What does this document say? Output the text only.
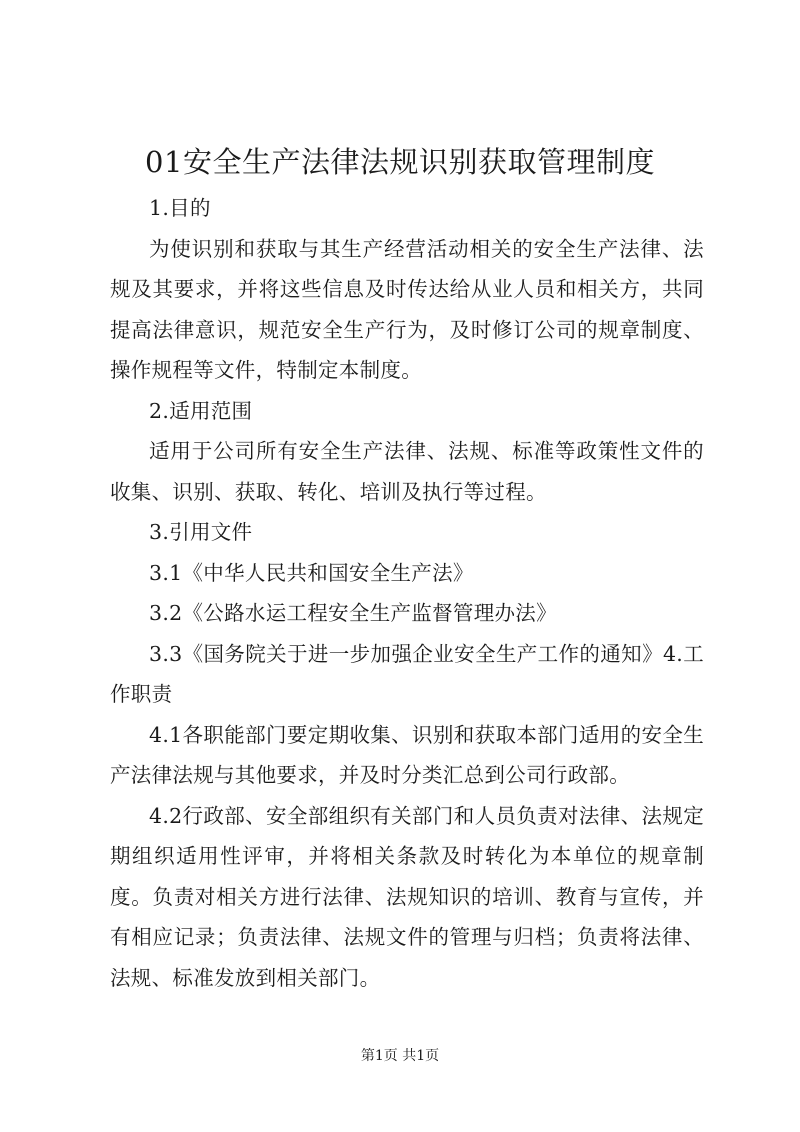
01安全生产法律法规识别获取管理制度

1.目的

为使识别和获取与其生产经营活动相关的安全生产法律、法规及其要求，并将这些信息及时传达给从业人员和相关方，共同提高法律意识，规范安全生产行为，及时修订公司的规章制度、操作规程等文件，特制定本制度。

2.适用范围

适用于公司所有安全生产法律、法规、标准等政策性文件的收集、识别、获取、转化、培训及执行等过程。

3.引用文件

3.1《中华人民共和国安全生产法》

3.2《公路水运工程安全生产监督管理办法》

3.3《国务院关于进一步加强企业安全生产工作的通知》4.工作职责

4.1各职能部门要定期收集、识别和获取本部门适用的安全生产法律法规与其他要求，并及时分类汇总到公司行政部。

4.2行政部、安全部组织有关部门和人员负责对法律、法规定期组织适用性评审，并将相关条款及时转化为本单位的规章制度。负责对相关方进行法律、法规知识的培训、教育与宣传，并有相应记录；负责法律、法规文件的管理与归档；负责将法律、法规、标准发放到相关部门。

第1页 共1页
